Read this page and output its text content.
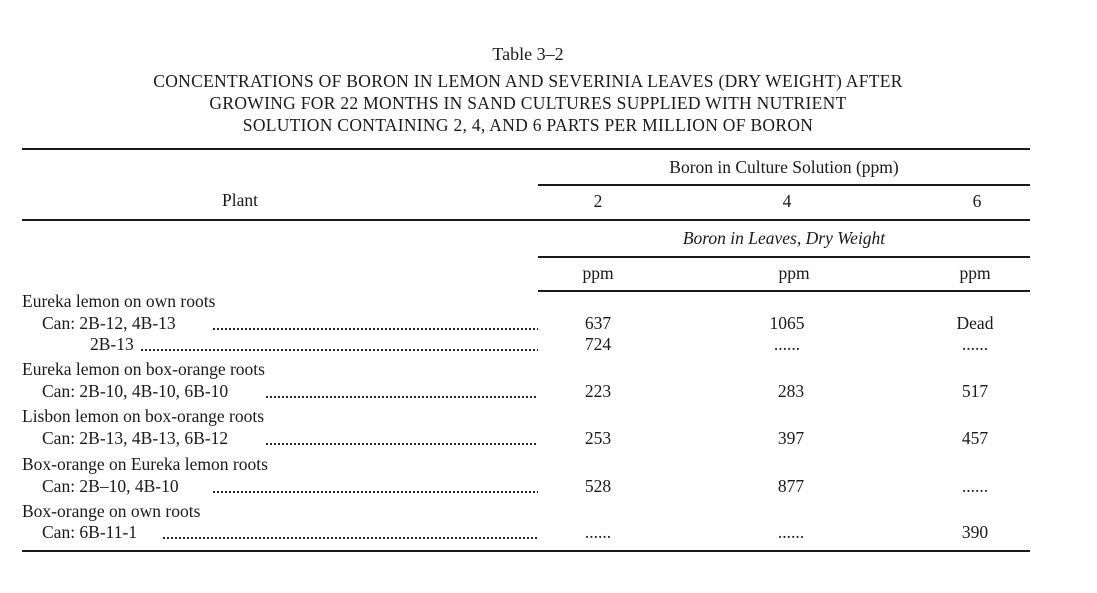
Table 3–2
CONCENTRATIONS OF BORON IN LEMON AND SEVERINIA LEAVES (DRY WEIGHT) AFTER
GROWING FOR 22 MONTHS IN SAND CULTURES SUPPLIED WITH NUTRIENT
SOLUTION CONTAINING 2, 4, AND 6 PARTS PER MILLION OF BORON
Plant
Boron in Culture Solution (ppm)
2	4	6
Boron in Leaves, Dry Weight
ppm	ppm	ppm
Eureka lemon on own roots
Can: 2B-12, 4B-13	637	1065	Dead
2B-13	724	......	......
Eureka lemon on box-orange roots
Can: 2B-10, 4B-10, 6B-10	223	283	517
Lisbon lemon on box-orange roots
Can: 2B-13, 4B-13, 6B-12	253	397	457
Box-orange on Eureka lemon roots
Can: 2B–10, 4B-10	528	877	......
Box-orange on own roots
Can: 6B-11-1	......	......	390
